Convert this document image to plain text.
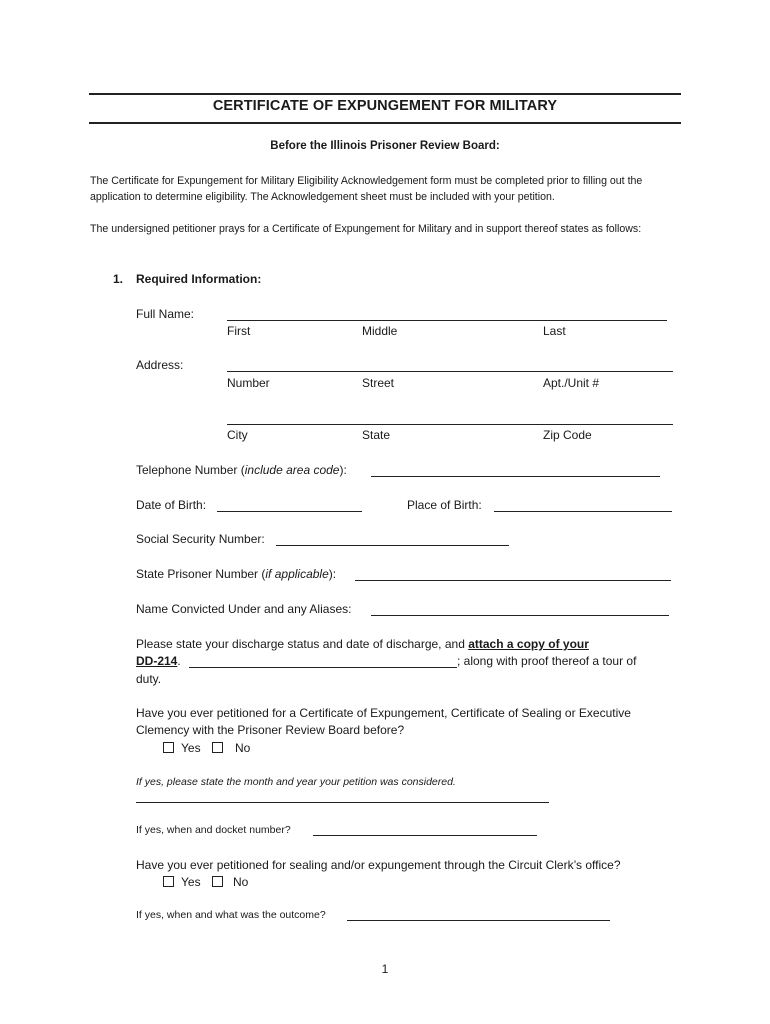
CERTIFICATE OF EXPUNGEMENT FOR MILITARY
Before the Illinois Prisoner Review Board:
The Certificate for Expungement for Military Eligibility Acknowledgement form must be completed prior to filling out the application to determine eligibility. The Acknowledgement sheet must be included with your petition.
The undersigned petitioner prays for a Certificate of Expungement for Military and in support thereof states as follows:
1. Required Information:
Full Name:
First	Middle	Last
Address:
Number	Street	Apt./Unit #
City	State	Zip Code
Telephone Number (include area code):
Date of Birth:	Place of Birth:
Social Security Number:
State Prisoner Number (if applicable):
Name Convicted Under and any Aliases:
Please state your discharge status and date of discharge, and attach a copy of your
DD-214.	; along with proof thereof a tour of
duty.
Have you ever petitioned for a Certificate of Expungement, Certificate of Sealing or Executive
Clemency with the Prisoner Review Board before?
Yes	No
If yes, please state the month and year your petition was considered.
If yes, when and docket number?
Have you ever petitioned for sealing and/or expungement through the Circuit Clerk’s office?
Yes	No
If yes, when and what was the outcome?
1
